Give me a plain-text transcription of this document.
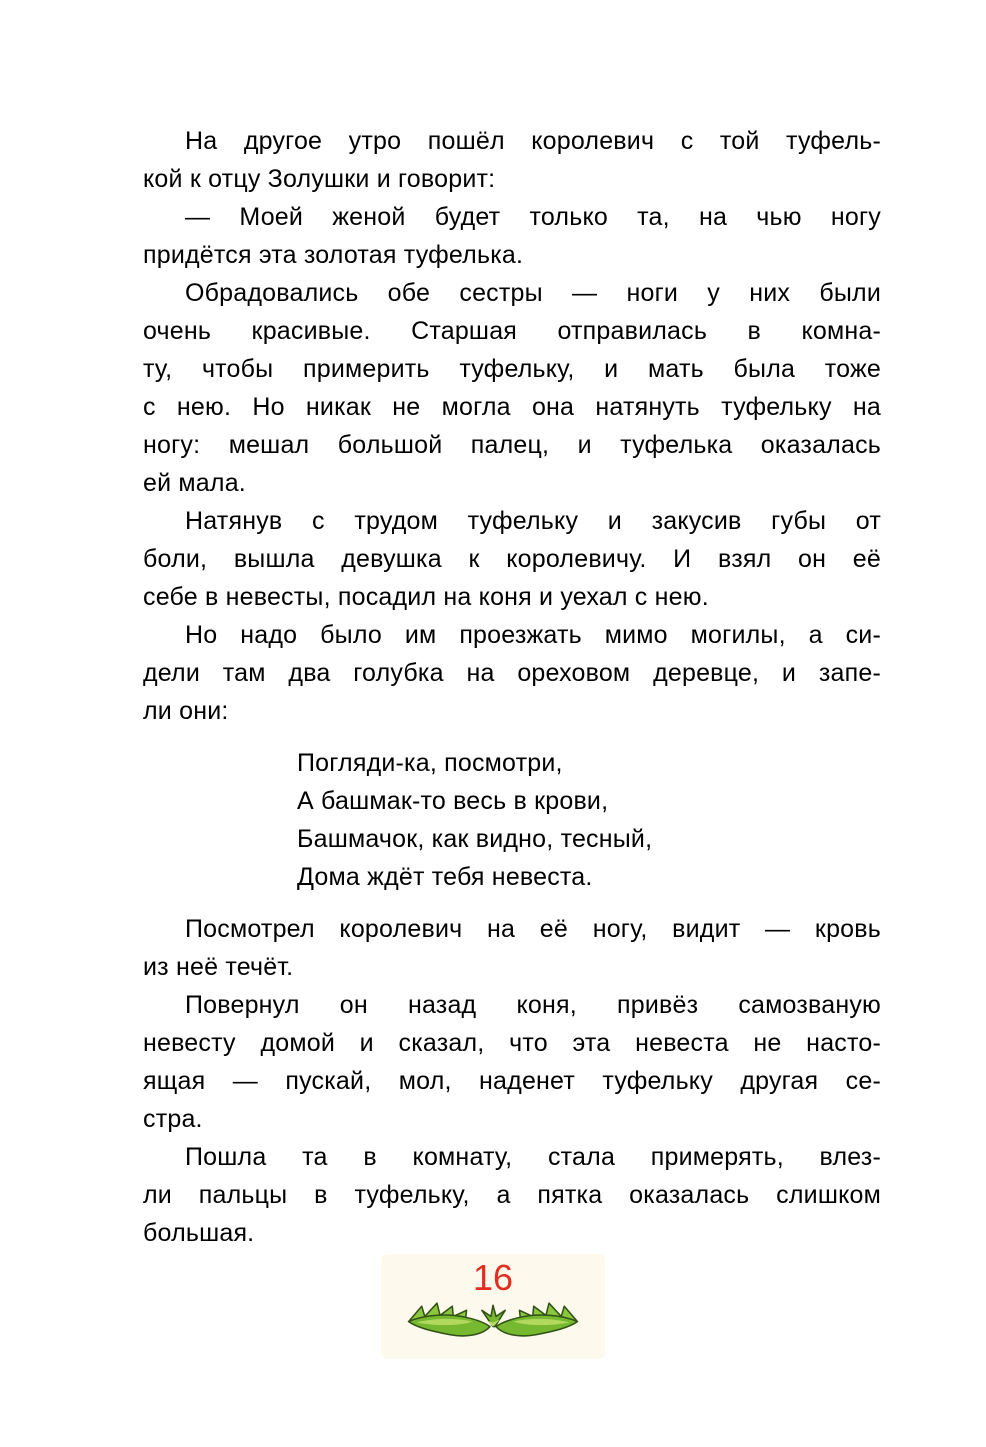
На другое утро пошёл королевич с той туфель-
кой к отцу Золушки и говорит:
— Моей женой будет только та, на чью ногу
придётся эта золотая туфелька.
Обрадовались обе сестры — ноги у них были
очень красивые. Старшая отправилась в комна-
ту, чтобы примерить туфельку, и мать была тоже
с нею. Но никак не могла она натянуть туфельку на
ногу: мешал большой палец, и туфелька оказалась
ей мала.
Натянув с трудом туфельку и закусив губы от
боли, вышла девушка к королевичу. И взял он её
себе в невесты, посадил на коня и уехал с нею.
Но надо было им проезжать мимо могилы, а си-
дели там два голубка на ореховом деревце, и запе-
ли они:
Погляди-ка, посмотри,
А башмак-то весь в крови,
Башмачок, как видно, тесный,
Дома ждёт тебя невеста.
Посмотрел королевич на её ногу, видит — кровь
из неё течёт.
Повернул он назад коня, привёз самозваную
невесту домой и сказал, что эта невеста не насто-
ящая — пускай, мол, наденет туфельку другая се-
стра.
Пошла та в комнату, стала примерять, влез-
ли пальцы в туфельку, а пятка оказалась слишком
большая.
16
